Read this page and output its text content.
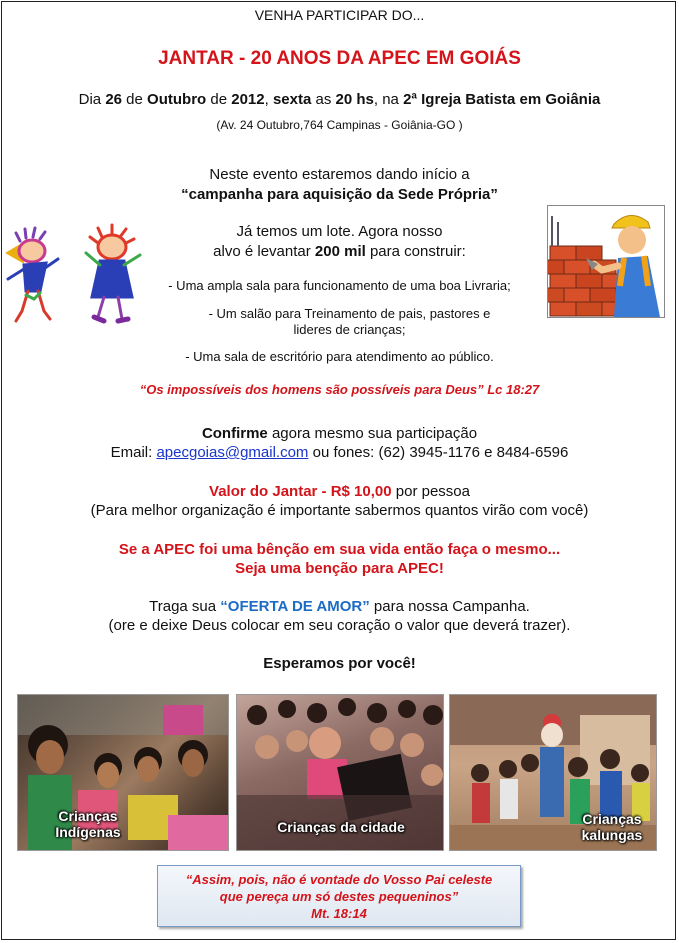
VENHA PARTICIPAR DO...
JANTAR - 20 ANOS DA APEC EM GOIÁS
Dia 26 de Outubro de 2012, sexta as 20 hs, na 2ª Igreja Batista em Goiânia
(Av. 24 Outubro,764 Campinas - Goiânia-GO )
Neste evento estaremos dando início a
“campanha para aquisição da Sede Própria”
Já temos um lote. Agora nosso
alvo é levantar 200 mil para construir:
- Uma ampla sala para funcionamento de uma boa Livraria;
- Um salão para Treinamento de pais, pastores e
lideres de crianças;
- Uma sala de escritório para atendimento ao público.
“Os impossíveis dos homens são possíveis para Deus” Lc 18:27
Confirme agora mesmo sua participação
Email: apecgoias@gmail.com ou fones: (62) 3945-1176 e 8484-6596
Valor do Jantar - R$ 10,00 por pessoa
(Para melhor organização é importante sabermos quantos virão com você)
Se a APEC foi uma bênção em sua vida então faça o mesmo...
Seja uma benção para APEC!
Traga sua “OFERTA DE AMOR” para nossa Campanha.
(ore e deixe Deus colocar em seu coração o valor que deverá trazer).
Esperamos por você!
Crianças
Indígenas	Crianças da cidade	Crianças
kalungas
“Assim, pois, não é vontade do Vosso Pai celeste
que pereça um só destes pequeninos”
Mt. 18:14
